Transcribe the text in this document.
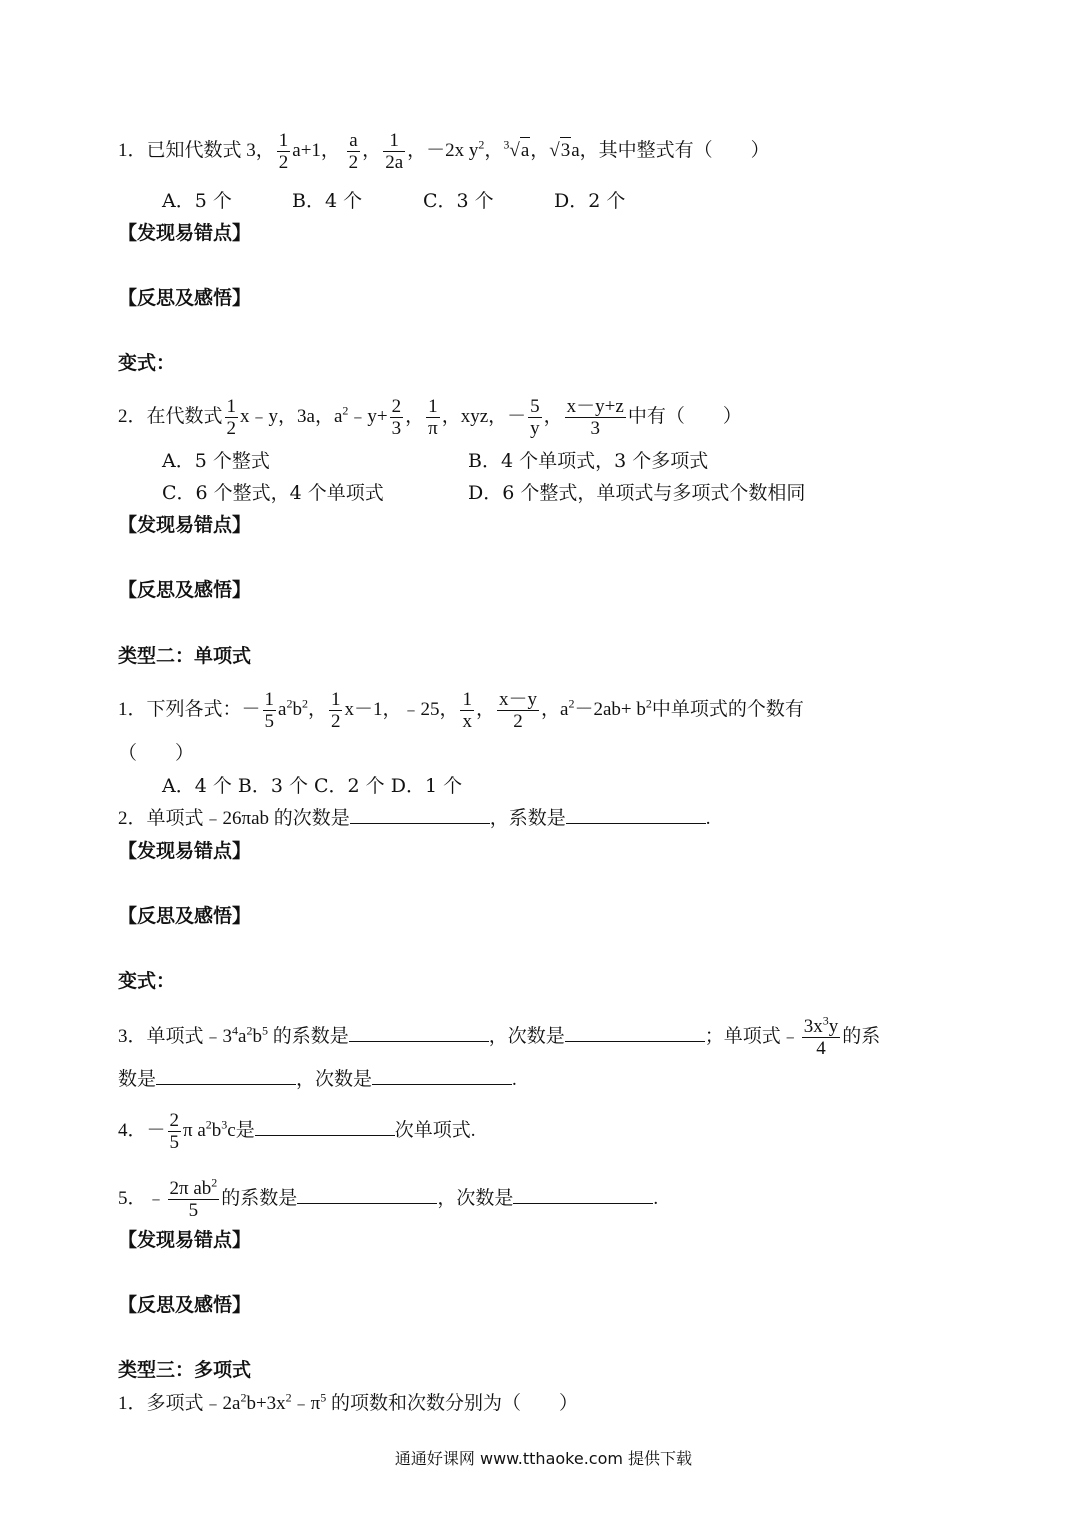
1．已知代数式 3， $\frac{1}{2} a+1$， $\frac{a}{2}$ ， $\frac{1}{2a}$ ，－2x $y^2$，$^3$√a，√3a，其中整式有（　　）
A．5 个	B．4 个	C．3 个	D．2 个
【发现易错点】
【反思及感悟】
变式：
2．在代数式 $\frac{1}{2}$ x﹣y，3a，$a^2﹣y+ \frac{2}{3}$ ， $\frac{1}{\pi}$ ，xyz，－ $\frac{5}{y}$ ， $\frac{x-y+z}{3}$ 中有（　　）
A．5 个整式	B．4 个单项式，3 个多项式
C．6 个整式，4 个单项式	D．6 个整式，单项式与多项式个数相同
【发现易错点】
【反思及感悟】
类型二：单项式
1．下列各式：－ $\frac{1}{5} a^2b^2$， $\frac{1}{2} x-1$，﹣25， $\frac{1}{x}$ ， $\frac{x-y}{2}$ ，$a^2-2ab+ b^2$中单项式的个数有
（　　）
A．4 个 B．3 个 C．2 个 D．1 个
2．单项式﹣26πab 的次数是	，系数是	.
【发现易错点】
【反思及感悟】
变式：
3．单项式$﹣3^4a^2b^5$ 的系数是	，次数是	；单项式﹣ $\frac{3x^3y}{4}$ 的系
数是	，次数是	.
4．－ $\frac{2}{5}$ π $a^2b^3c$是	次单项式.
5．﹣ $\frac{2\pi ab^2}{5}$ 的系数是	，次数是	.
【发现易错点】
【反思及感悟】
类型三：多项式
1．多项式$﹣2a^2b+3x^2﹣\pi^5$ 的项数和次数分别为（　　）
通通好课网 www.tthaoke.com 提供下载
